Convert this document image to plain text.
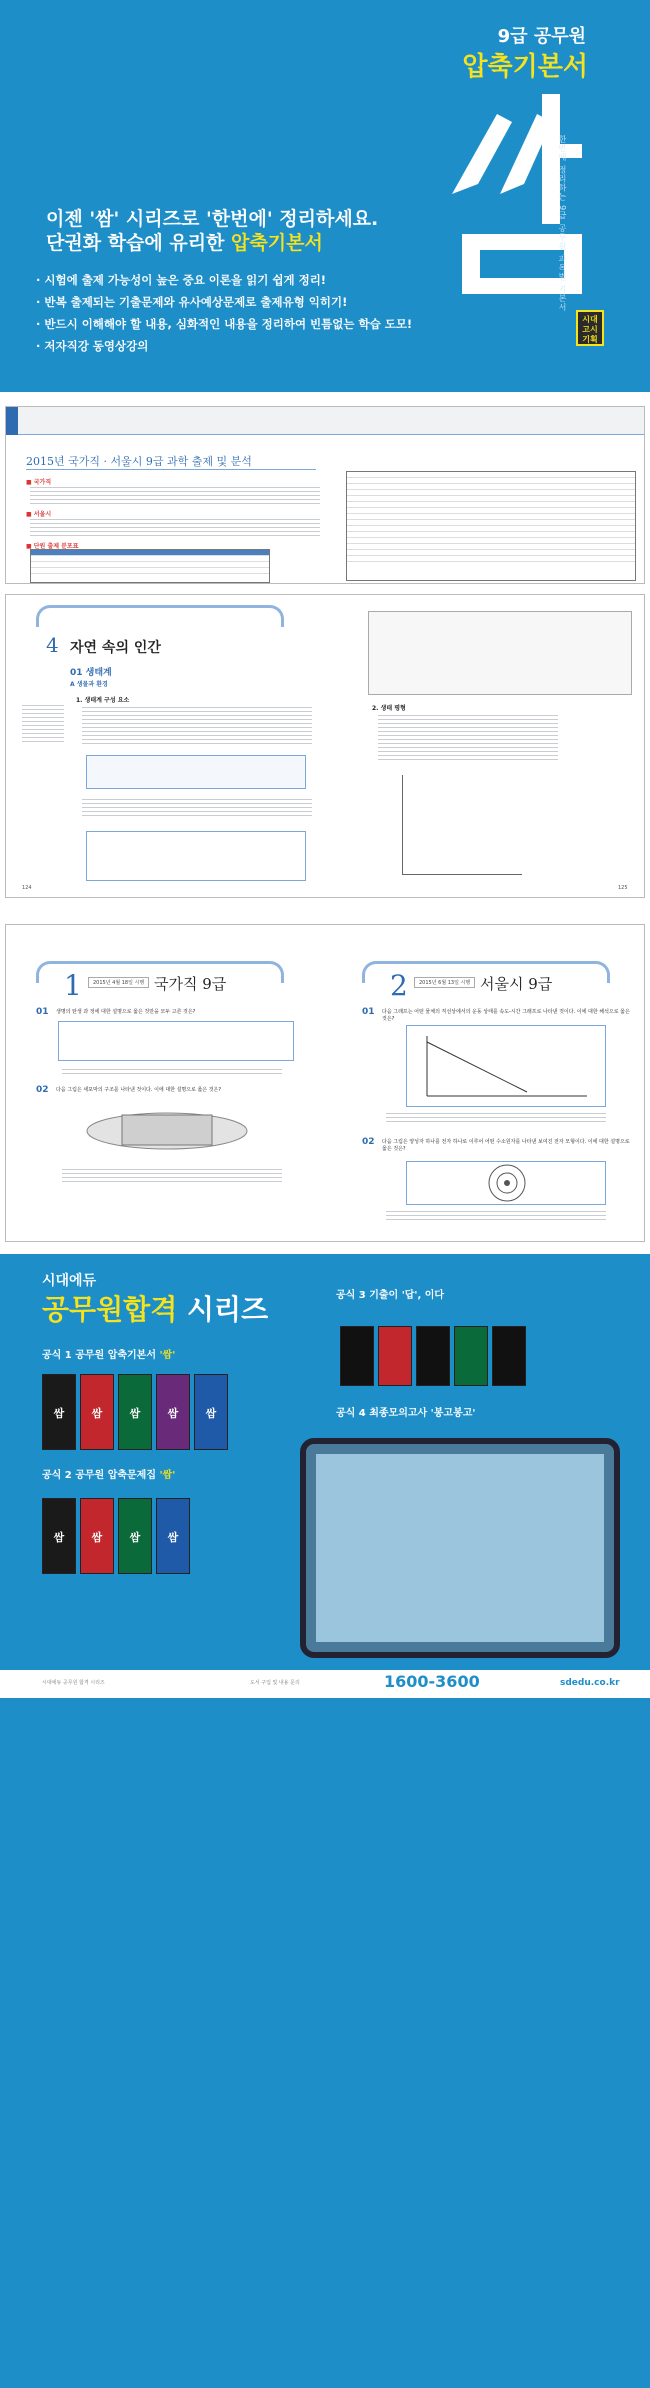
9급 공무원
압축기본서
한번에 정리하는 9급 공무원 과목별 기본서
시대 고시 기획
이젠 '쌈' 시리즈로 '한번에' 정리하세요.
단권화 학습에 유리한 압축기본서
· 시험에 출제 가능성이 높은 중요 이론을 읽기 쉽게 정리!
· 반복 출제되는 기출문제와 유사예상문제로 출제유형 익히기!
· 반드시 이해해야 할 내용, 심화적인 내용을 정리하여 빈틈없는 학습 도모!
· 저자직강 동영상강의
2015년 국가직 · 서울시 9급 과학 출제 및 분석
■ 국가직
■ 서울시
■ 단원 출제 분포표
4 자연 속의 인간
01 생태계
A 생물과 환경
1. 생태계 구성 요소
2. 생태 평형
124	125
1	2015년 4월 18일 시행 국가직 9급	2	2015년 6월 13일 시행 서울시 9급
01 생명의 탄생 과 정에 대한 설명으로 옳은 것만을 모두 고른 것은?
02 다음 그림은 세포막의 구조를 나타낸 것이다. 이에 대한 설명으로 옳은 것은?
01 다음 그래프는 어떤 물체의 직선상에서의 운동 상태를 속도-시간 그래프로 나타낸 것이다. 이에 대한 해석으로 옳은 것은?
02 다음 그림은 양성자 하나를 전자 하나로 이루어 어떤 수소원자를 나타낸 보여진 전자 모형이다. 이에 대한 설명으로 옳은 것은?
시대에듀
공무원합격 시리즈
공식 1 공무원 압축기본서 '쌈'
쌈	쌈	쌈	쌈	쌈
공식 2 공무원 압축문제집 '쌈'
쌈	쌈	쌈	쌈
공식 3 기출이 '답', 이다
공식 4 최종모의고사 '봉고봉고'
시대에듀 공무원 합격 시리즈	도서 구입 및 내용 문의	1600-3600	sdedu.co.kr
